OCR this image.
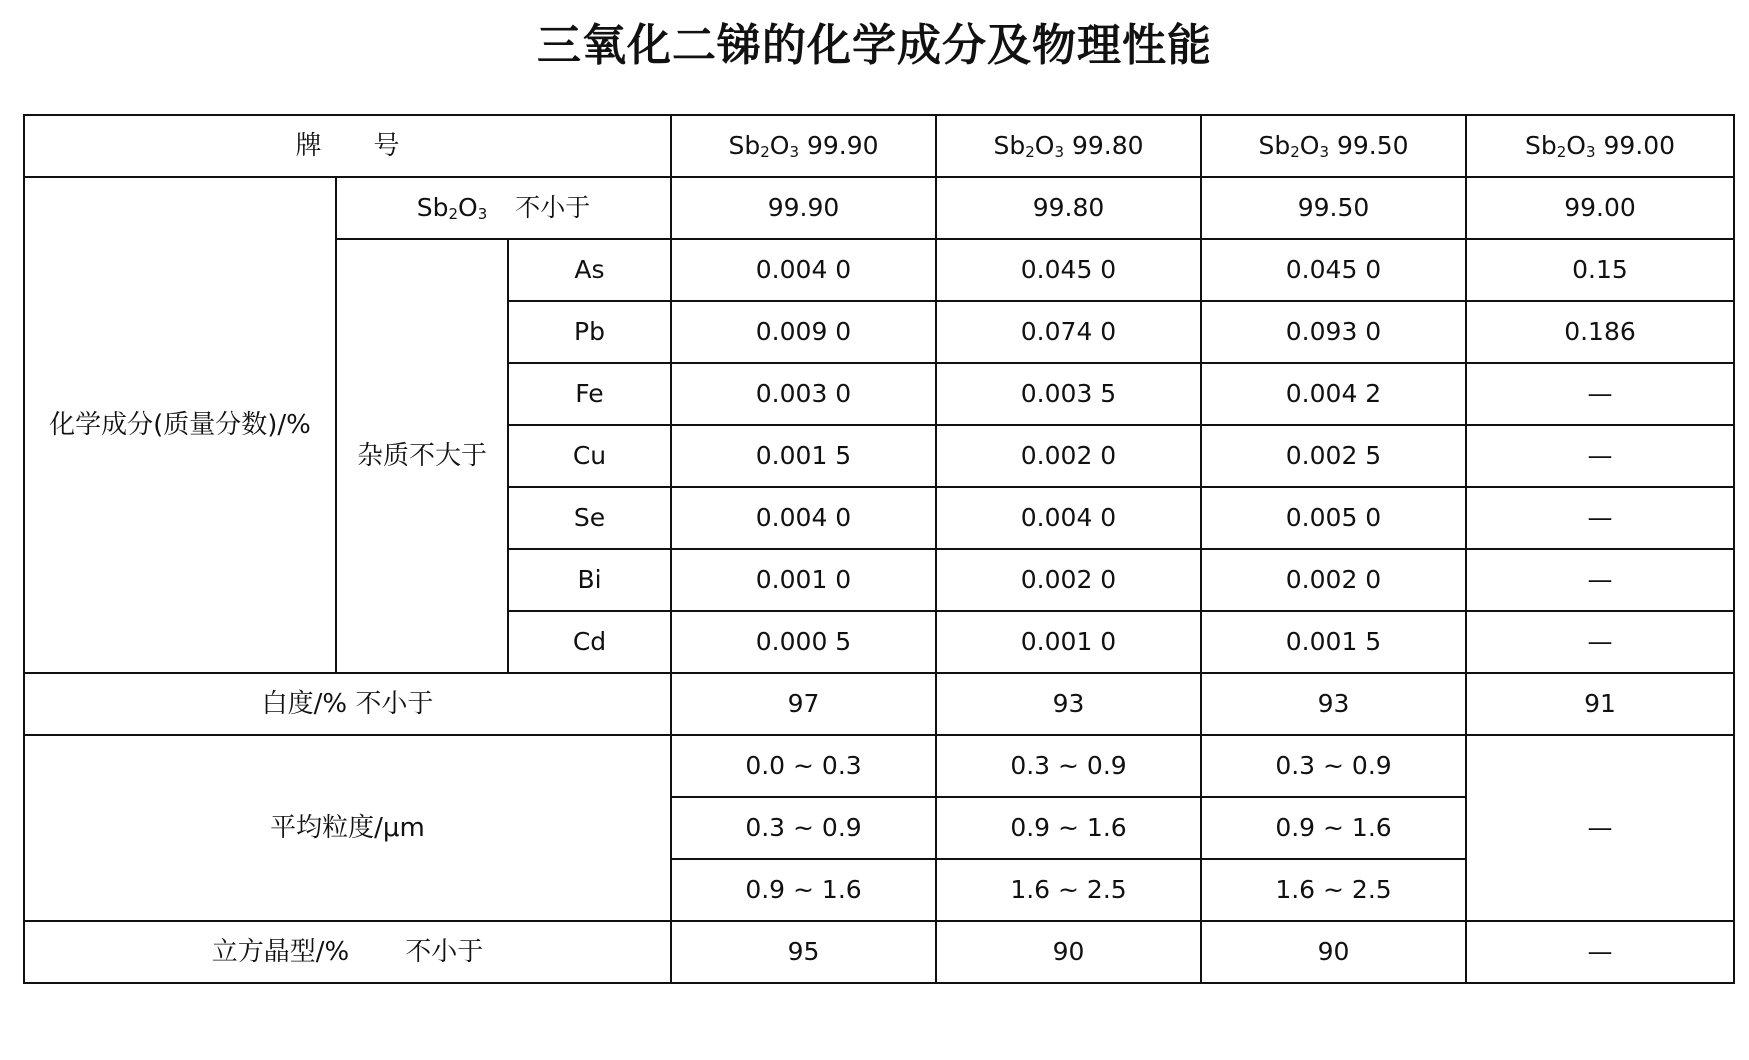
三氧化二锑的化学成分及物理性能
牌 号			$Sb_2O_3$ 99.90	$Sb_2O_3$ 99.80	$Sb_2O_3$ 99.50	$Sb_2O_3$ 99.00
化学成分(质量分数)/%	$Sb_2O_3$ 不小于		99.90	99.80	99.50	99.00
	杂质不大于	As	0.004 0	0.045 0	0.045 0	0.15
		Pb	0.009 0	0.074 0	0.093 0	0.186
		Fe	0.003 0	0.003 5	0.004 2	—
		Cu	0.001 5	0.002 0	0.002 5	—
		Se	0.004 0	0.004 0	0.005 0	—
		Bi	0.001 0	0.002 0	0.002 0	—
		Cd	0.000 5	0.001 0	0.001 5	—
白度/% 不小于			97	93	93	91
平均粒度/μm			0.0 ~ 0.3	0.3 ~ 0.9	0.3 ~ 0.9	—
			0.3 ~ 0.9	0.9 ~ 1.6	0.9 ~ 1.6	
			0.9 ~ 1.6	1.6 ~ 2.5	1.6 ~ 2.5	
立方晶型/% 不小于			95	90	90	—
